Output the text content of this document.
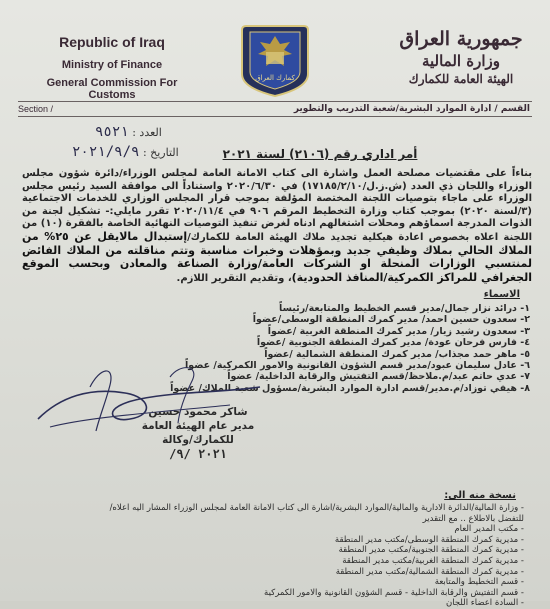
Republic of Iraq
Ministry of Finance
General Commission For Customs
كمارك العراق
جمهورية العراق
وزارة المالية
الهيئة العامة للكمارك
Section /	القسم / ادارة الموارد البشرية/شعبة التدريب والتطوير
العدد : ٩٥٢١
التاريخ : ٢٠٢١/٩/٩	أمر اداري رقم (٢١٠٦) لسنة ٢٠٢١
بناءاً على مقتضيات مصلحة العمل واشارة الى كتاب الامانة العامة لمجلس الوزراء/دائرة شؤون مجلس الوزراء واللجان ذي العدد (ش.ز.ل/١٧١٨٥/٢/١٠) في ٢٠٢٠/٦/٣٠ واستناداً الى موافقة السيد رئيس مجلس الوزراء على ماجاء بتوصيات اللجنة المختصة المؤلفة بموجب قرار المجلس الوزاري للخدمات الاجتماعية (٣/لسنة ٢٠٢٠) بموجب كتاب وزارة التخطيط المرقم ٩٠٦ في ٢٠٢٠/١١/٤ تقرر مايلي:- تشكيل لجنة من الذوات المدرجة اسماؤهم ومحلات اشتغالهم ادناه لغرض تنفيذ التوصيات النهائية الخاصة بالفقرة (١٠) من اللجنة اعلاه بخصوص اعادة هيكلية تجديد ملاك الهيئة العامة للكمارك/إستبدال مالايقل عن ٢٥% من الملاك الحالي بملاك وظيفي جديد وبمؤهلات وخبرات مناسبة وتتم مناقلته من الملاك الفائض لمنتسبي الوزارات المنحلة او الشركات العامة/وزارة الصناعة والمعادن وبحسب الموقع الجغرافي للمراكز الكمركية/المنافذ الحدودية)، وتقديم التقرير اللازم.
الاسماء
١- درائد نزار جمال/مدير قسم الخطيط والمتابعة/رئيساً
٢- سعدون حسين احمد/ مدير كمرك المنطقة الوسطى/عضواً
٣- سعدون رشيد زيار/ مدير كمرك المنطقة الغربية /عضواً
٤- فارس فرحان عودة/ مدير كمرك المنطقة الجنوبية /عضواً
٥- ماهر حمد مجذاب/ مدير كمرك المنطقة الشمالية /عضواً
٦- عادل سليمان عبود/مدير قسم الشؤون القانونية والامور الكمركية/ عضواً
٧- عدي حاتم عبد/م.ملاحظ/قسم التفتيش والرقابة الداخلية/ عضواً
٨- هيفي توزاد/م.مدير/قسم ادارة الموارد البشرية/مسؤول شعبة الملاك/ عضواً
شاكر محمود حسين
مدير عام الهيئة العامة للكمارك/وكالة
٢٠٢١ /٩/
نسخة منه الى:
- وزارة المالية/الدائرة الادارية والمالية/الموارد البشرية/اشارة الى كتاب الامانة العامة لمجلس الوزراء المشار اليه اعلاه/للتفضل بالاطلاع .. مع التقدير
- مكتب المدير العام
- مديرية كمرك المنطقة الوسطى/مكتب مدير المنطقة
- مديرية كمرك المنطقة الجنوبية/مكتب مدير المنطقة
- مديرية كمرك المنطقة الغربية/مكتب مدير المنطقة
- مديرية كمرك المنطقة الشمالية/مكتب مدير المنطقة
- قسم التخطيط والمتابعة
- قسم التفتيش والرقابة الداخلية - قسم الشؤون القانونية والامور الكمركية
- السادة اعضاء اللجان
